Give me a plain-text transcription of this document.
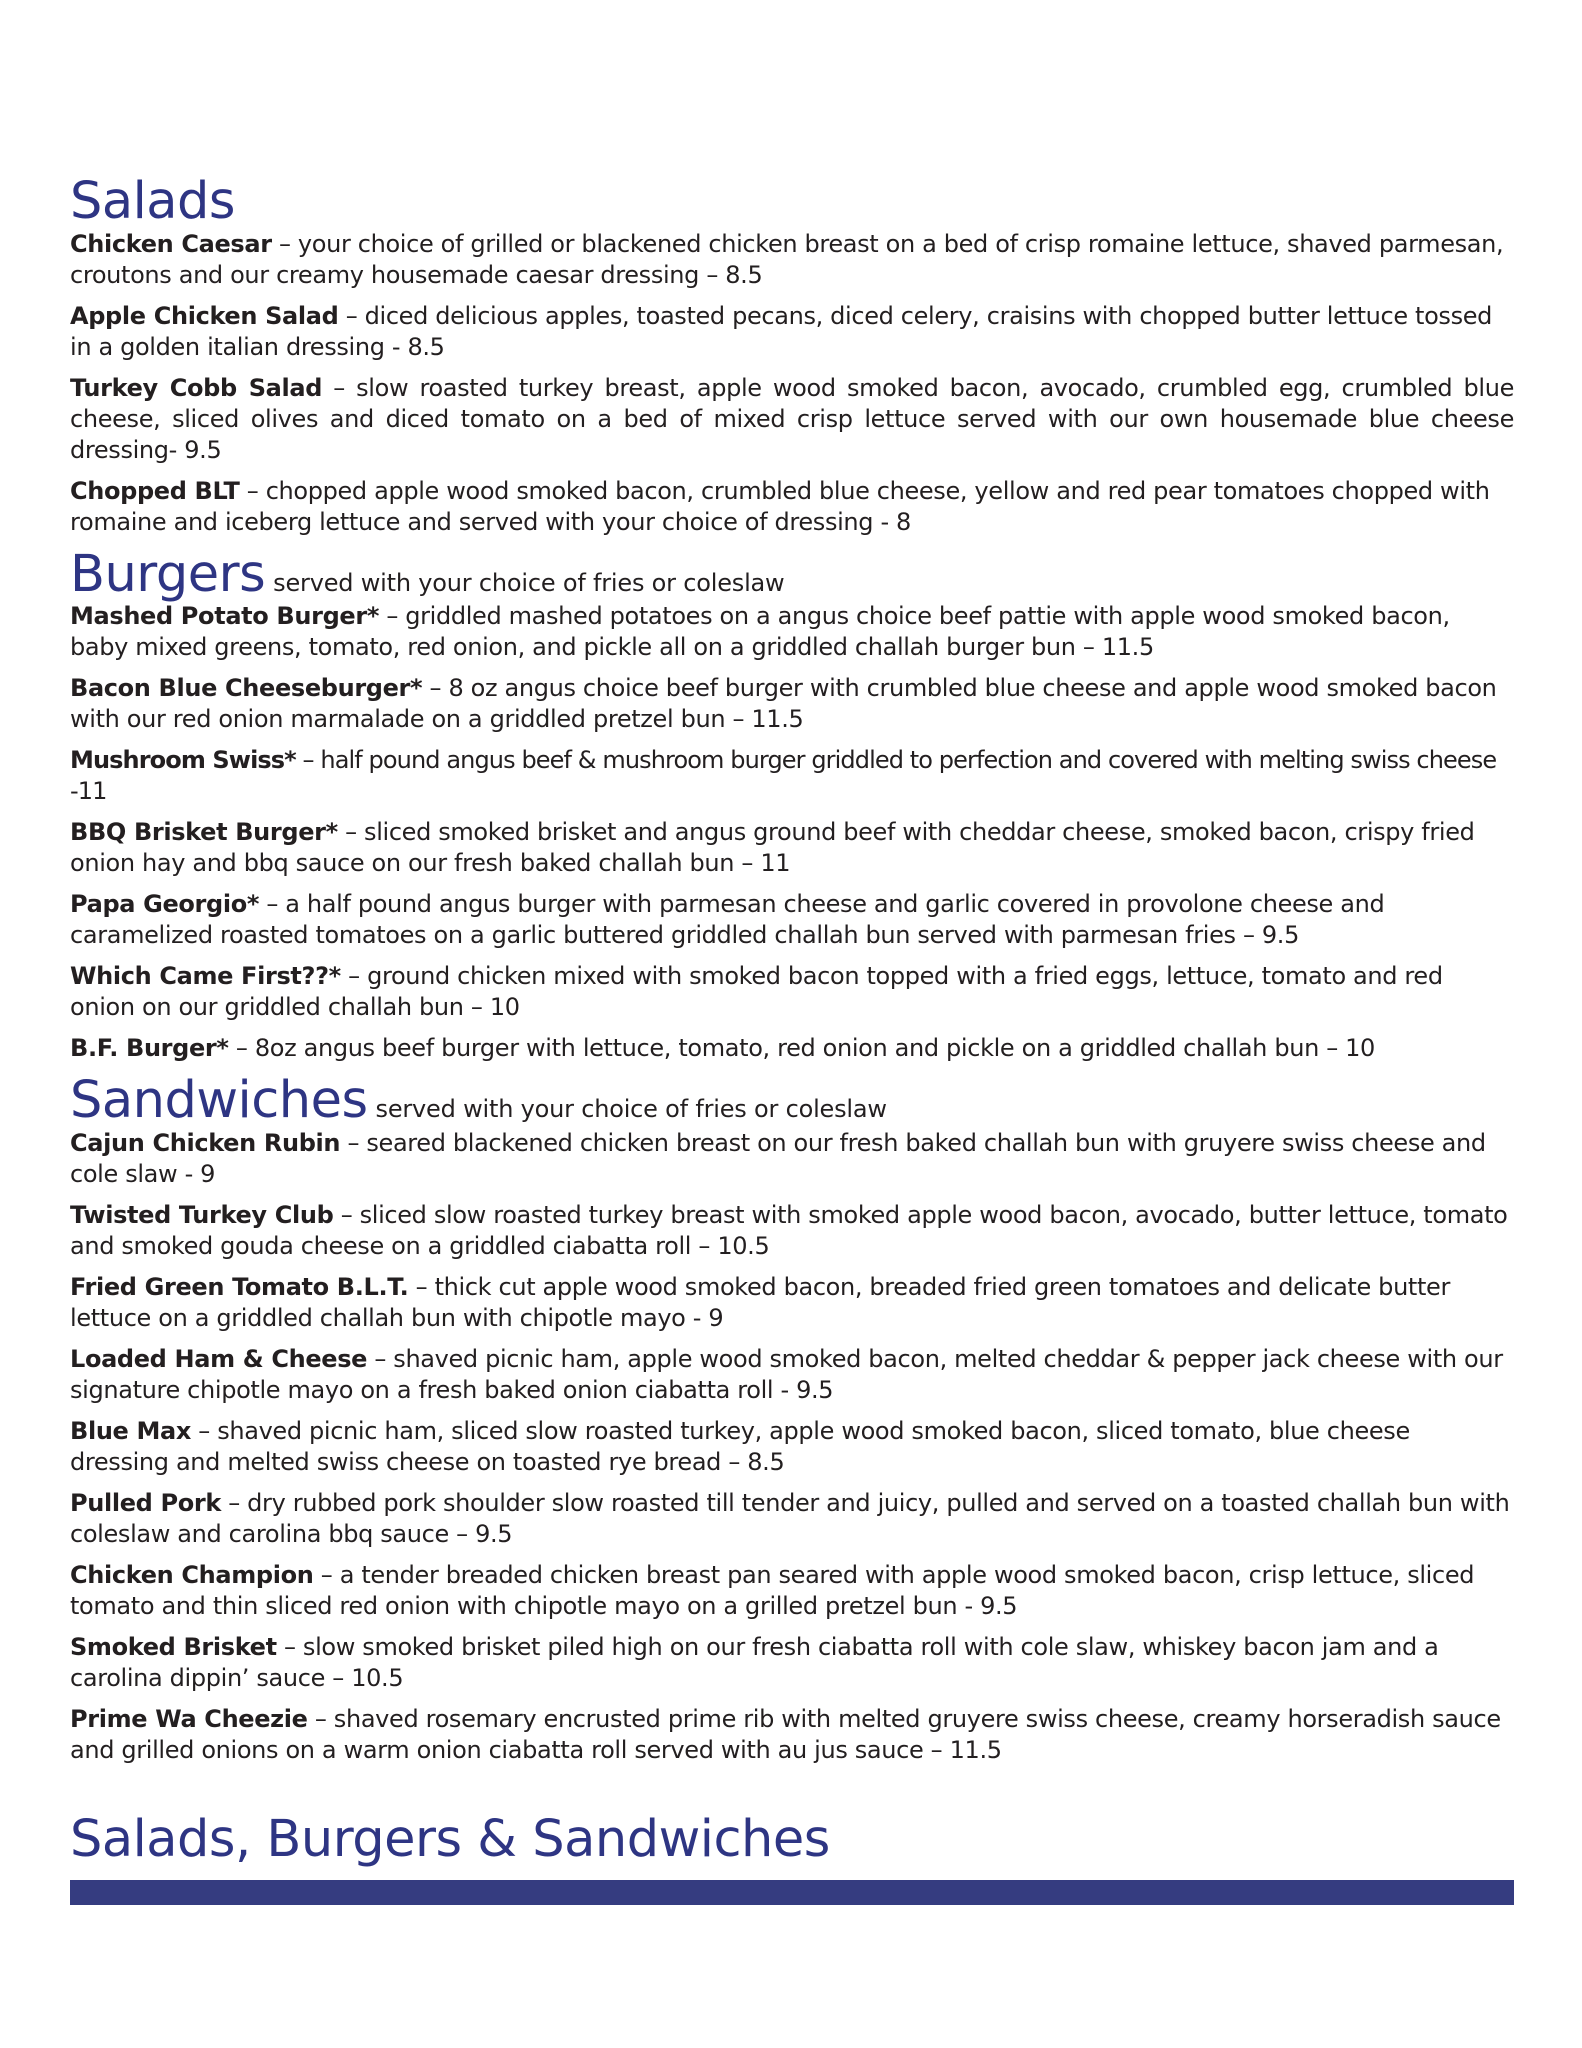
Salads
Chicken Caesar – your choice of grilled or blackened chicken breast on a bed of crisp romaine lettuce, shaved parmesan, croutons and our creamy housemade caesar dressing – 8.5
Apple Chicken Salad – diced delicious apples, toasted pecans, diced celery, craisins with chopped butter lettuce tossed in a golden italian dressing - 8.5
Turkey Cobb Salad – slow roasted turkey breast, apple wood smoked bacon, avocado, crumbled egg, crumbled blue cheese, sliced olives and diced tomato on a bed of mixed crisp lettuce served with our own housemade blue cheese dressing- 9.5
Chopped BLT – chopped apple wood smoked bacon, crumbled blue cheese, yellow and red pear tomatoes chopped with romaine and iceberg lettuce and served with your choice of dressing - 8
Burgers served with your choice of fries or coleslaw
Mashed Potato Burger* – griddled mashed potatoes on a angus choice beef pattie with apple wood smoked bacon, baby mixed greens, tomato, red onion, and pickle all on a griddled challah burger bun – 11.5
Bacon Blue Cheeseburger* – 8 oz angus choice beef burger with crumbled blue cheese and apple wood smoked bacon with our red onion marmalade on a griddled pretzel bun – 11.5
Mushroom Swiss* – half pound angus beef & mushroom burger griddled to perfection and covered with melting swiss cheese -11
BBQ Brisket Burger* – sliced smoked brisket and angus ground beef with cheddar cheese, smoked bacon, crispy fried onion hay and bbq sauce on our fresh baked challah bun – 11
Papa Georgio* – a half pound angus burger with parmesan cheese and garlic covered in provolone cheese and caramelized roasted tomatoes on a garlic buttered griddled challah bun served with parmesan fries – 9.5
Which Came First??* – ground chicken mixed with smoked bacon topped with a fried eggs, lettuce, tomato and red onion on our griddled challah bun – 10
B.F. Burger* – 8oz angus beef burger with lettuce, tomato, red onion and pickle on a griddled challah bun – 10
Sandwiches served with your choice of fries or coleslaw
Cajun Chicken Rubin – seared blackened chicken breast on our fresh baked challah bun with gruyere swiss cheese and cole slaw - 9
Twisted Turkey Club – sliced slow roasted turkey breast with smoked apple wood bacon, avocado, butter lettuce, tomato and smoked gouda cheese on a griddled ciabatta roll – 10.5
Fried Green Tomato B.L.T. – thick cut apple wood smoked bacon, breaded fried green tomatoes and delicate butter lettuce on a griddled challah bun with chipotle mayo - 9
Loaded Ham & Cheese – shaved picnic ham, apple wood smoked bacon, melted cheddar & pepper jack cheese with our signature chipotle mayo on a fresh baked onion ciabatta roll - 9.5
Blue Max – shaved picnic ham, sliced slow roasted turkey, apple wood smoked bacon, sliced tomato, blue cheese dressing and melted swiss cheese on toasted rye bread – 8.5
Pulled Pork – dry rubbed pork shoulder slow roasted till tender and juicy, pulled and served on a toasted challah bun with coleslaw and carolina bbq sauce – 9.5
Chicken Champion – a tender breaded chicken breast pan seared with apple wood smoked bacon, crisp lettuce, sliced tomato and thin sliced red onion with chipotle mayo on a grilled pretzel bun - 9.5
Smoked Brisket – slow smoked brisket piled high on our fresh ciabatta roll with cole slaw, whiskey bacon jam and a carolina dippin’ sauce – 10.5
Prime Wa Cheezie – shaved rosemary encrusted prime rib with melted gruyere swiss cheese, creamy horseradish sauce and grilled onions on a warm onion ciabatta roll served with au jus sauce – 11.5
Salads, Burgers & Sandwiches
